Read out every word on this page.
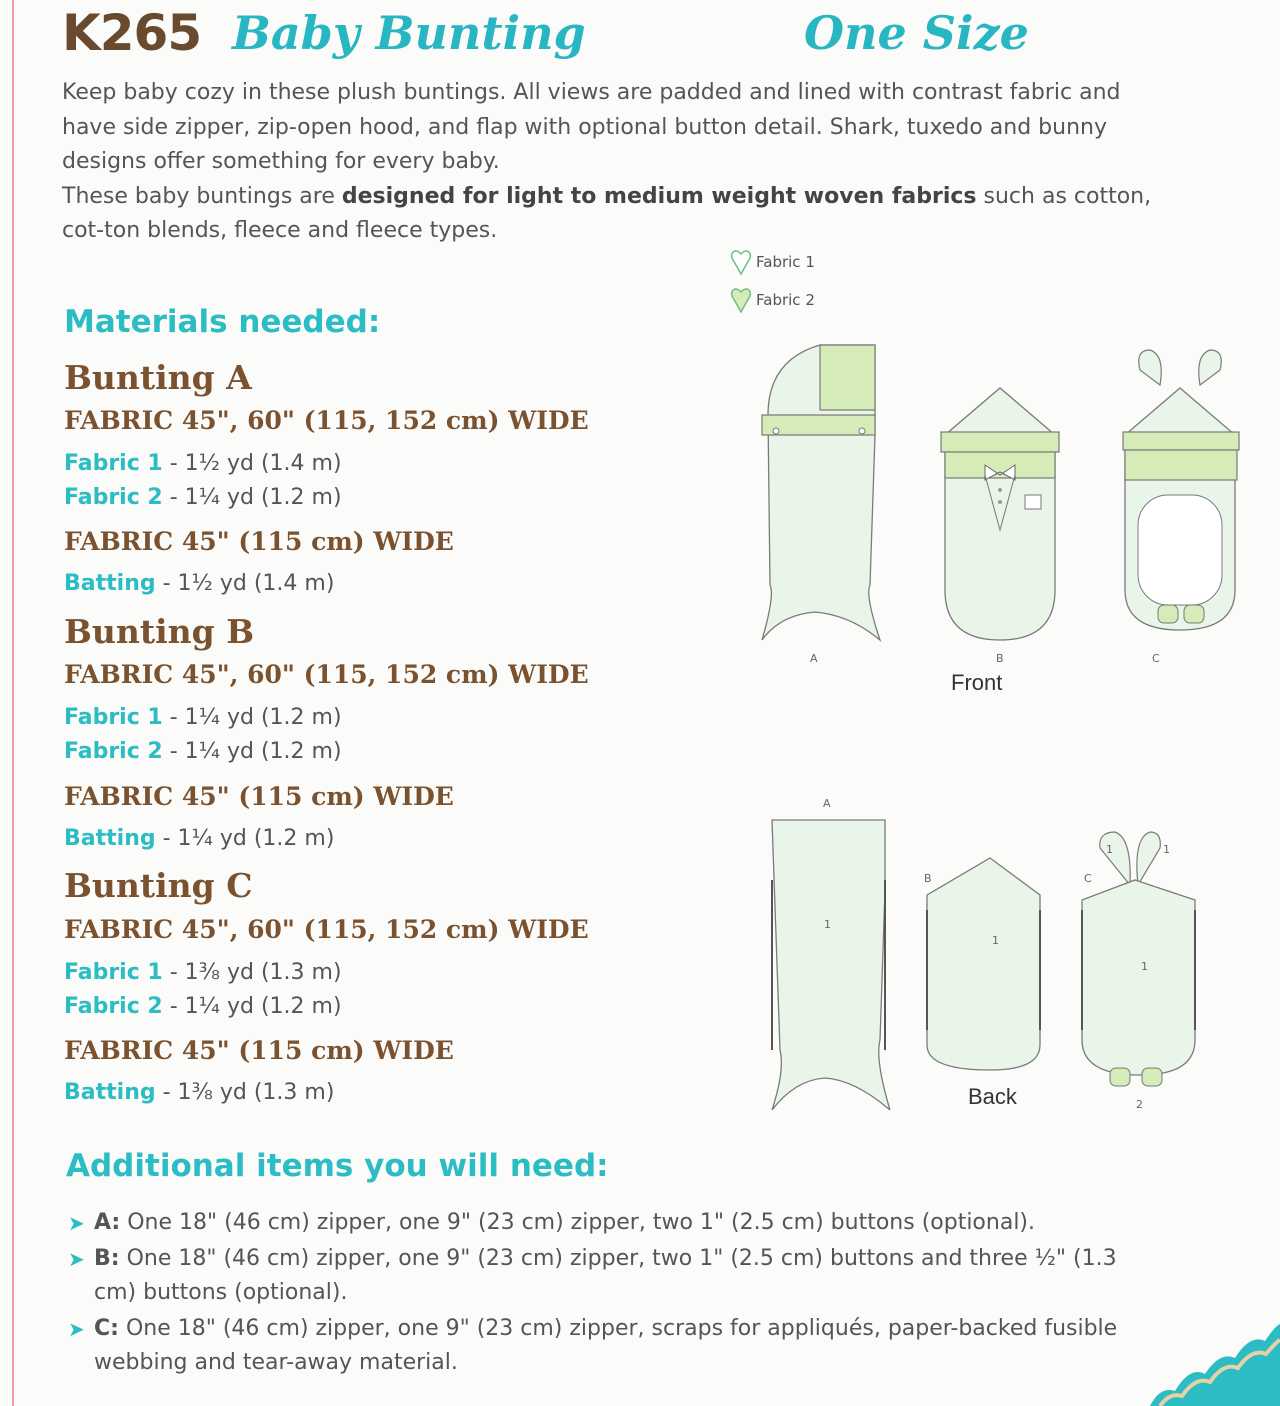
K265 Baby Bunting	One Size

Keep baby cozy in these plush buntings. All views are padded and lined with contrast fabric and have side zipper, zip-open hood, and flap with optional button detail. Shark, tuxedo and bunny designs offer something for every baby.

These baby buntings are designed for light to medium weight woven fabrics such as cotton, cot-ton blends, fleece and fleece types.

Fabric 1
Fabric 2
Materials needed:
Bunting A
FABRIC 45", 60" (115, 152 cm) WIDE
Fabric 1 - 1½ yd (1.4 m)
Fabric 2 - 1¼ yd (1.2 m)
FABRIC 45" (115 cm) WIDE
Batting - 1½ yd (1.4 m)
Bunting B
FABRIC 45", 60" (115, 152 cm) WIDE
Fabric 1 - 1¼ yd (1.2 m)
Fabric 2 - 1¼ yd (1.2 m)
FABRIC 45" (115 cm) WIDE
Batting - 1¼ yd (1.2 m)
Bunting C
FABRIC 45", 60" (115, 152 cm) WIDE
Fabric 1 - 1⅜ yd (1.3 m)
Fabric 2 - 1¼ yd (1.2 m)
FABRIC 45" (115 cm) WIDE
Batting - 1⅜ yd (1.3 m)
A	B	C
Front
A
B	C
1
1
1
1	1
2
Back
Additional items you will need:
➤ A: One 18" (46 cm) zipper, one 9" (23 cm) zipper, two 1" (2.5 cm) buttons (optional).
➤ B: One 18" (46 cm) zipper, one 9" (23 cm) zipper, two 1" (2.5 cm) buttons and three ½" (1.3 cm) buttons (optional).
➤ C: One 18" (46 cm) zipper, one 9" (23 cm) zipper, scraps for appliqués, paper-backed fusible webbing and tear-away material.
